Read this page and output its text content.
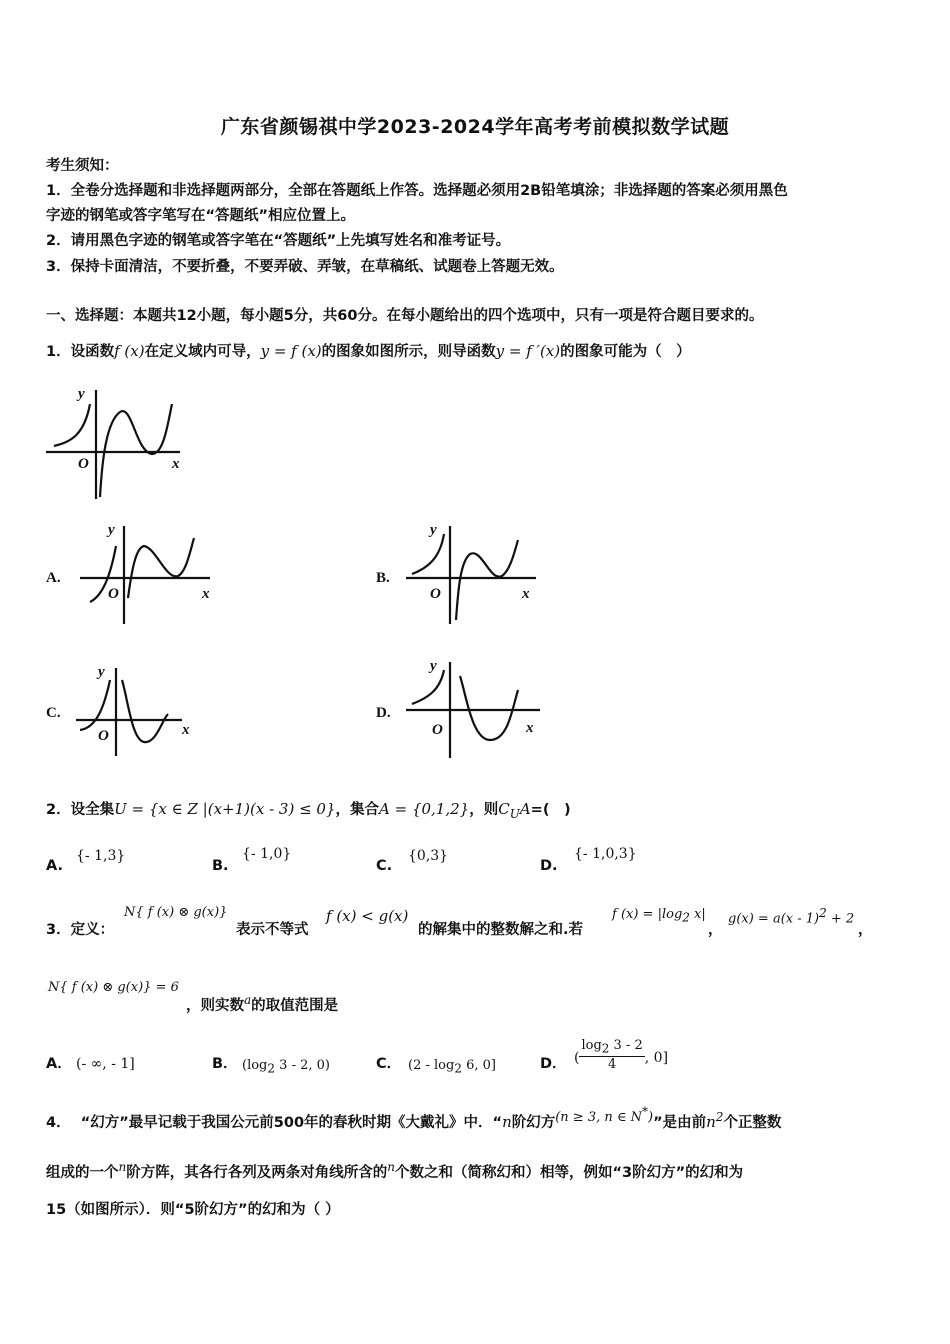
广东省颜锡祺中学2023-2024学年高考考前模拟数学试题
考生须知：
1．全卷分选择题和非选择题两部分，全部在答题纸上作答。选择题必须用2B铅笔填涂；非选择题的答案必须用黑色
字迹的钢笔或答字笔写在“答题纸”相应位置上。
2．请用黑色字迹的钢笔或答字笔在“答题纸”上先填写姓名和准考证号。
3．保持卡面清洁，不要折叠，不要弄破、弄皱，在草稿纸、试题卷上答题无效。
一、选择题：本题共12小题，每小题5分，共60分。在每小题给出的四个选项中，只有一项是符合题目要求的。
1．设函数f (x)在定义域内可导，y = f (x)的图象如图所示，则导函数y = f ′(x)的图象可能为（　）
y
O	x
A.
y
O	x
B.
y
O	x
C.
y
O	x
D.
y
O	x
2．设全集U = {x ∈ Z |(x+1)(x - 3) ≤ 0}，集合A = {0,1,2}，则$C_UA=$(　)
A.
{- 1,3}
B.
{- 1,0}
C.
{0,3}
D.
{- 1,0,3}
3．定义：
N{ f (x) ⊗ g(x)}
表示不等式
f (x) < g(x)
的解集中的整数解之和.若
f $(x) = |\log_2$ x|
，
g(x) = a(x - 1)$^2$ + 2
，
N{ f (x) ⊗ g(x)} = 6
，则实数$^a$的取值范围是
A． (- ∞, - 1]	B． ($\log_2$ 3 - 2, 0)	C． ($2 - \log_2 6$, 0]	D． ( $\frac{\log_2 3 - 2}{4}$ , 0]
4． “幻方”最早记载于我国公元前500年的春秋时期《大戴礼》中．“n阶幻方(n ≥ 3, n ∈ N*)”是由前$n^2$个正整数
组成的一个$^n$阶方阵，其各行各列及两条对角线所含的$^n$个数之和（简称幻和）相等，例如“3阶幻方”的幻和为
15（如图所示）．则“5阶幻方”的幻和为（ ）
